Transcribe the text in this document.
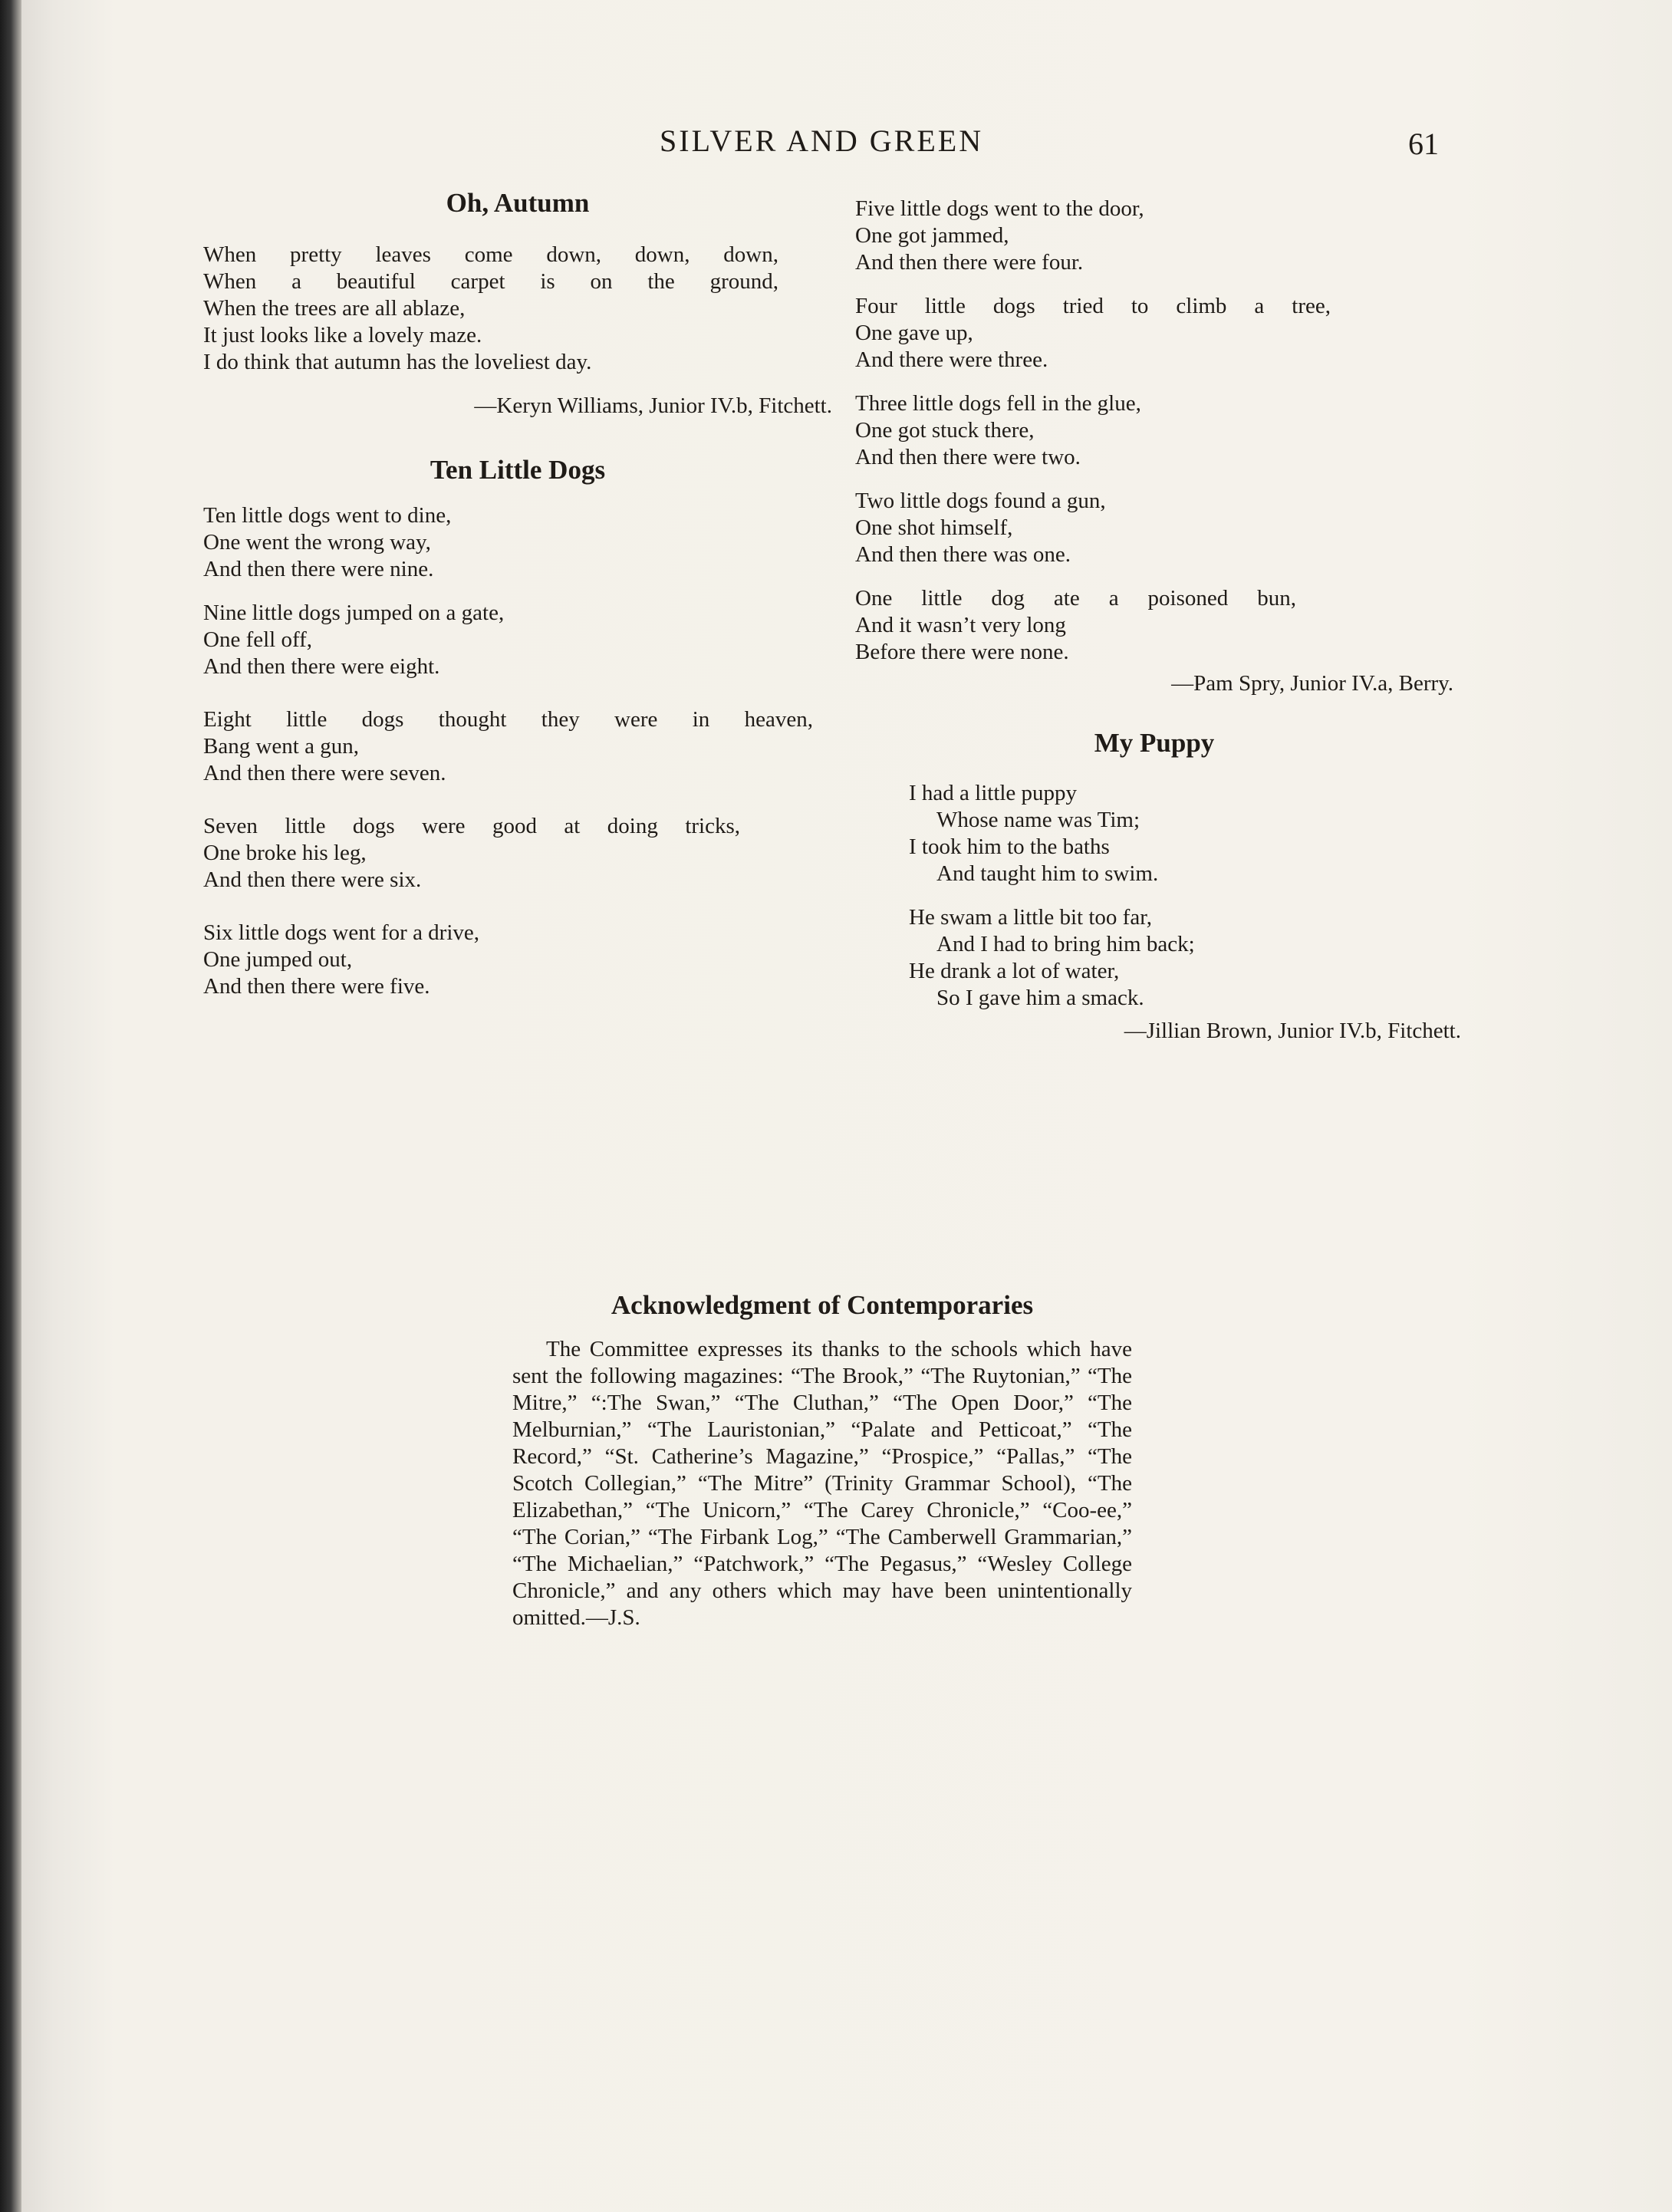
SILVER AND GREEN	61
Oh, Autumn
When pretty leaves come down, down, down,
When a beautiful carpet is on the ground,
When the trees are all ablaze,
It just looks like a lovely maze.
I do think that autumn has the loveliest day.
—Keryn Williams, Junior IV.b, Fitchett.
Ten Little Dogs
Ten little dogs went to dine,
One went the wrong way,
And then there were nine.
Nine little dogs jumped on a gate,
One fell off,
And then there were eight.
Eight little dogs thought they were in heaven,
Bang went a gun,
And then there were seven.
Seven little dogs were good at doing tricks,
One broke his leg,
And then there were six.
Six little dogs went for a drive,
One jumped out,
And then there were five.
Five little dogs went to the door,
One got jammed,
And then there were four.
Four little dogs tried to climb a tree,
One gave up,
And there were three.
Three little dogs fell in the glue,
One got stuck there,
And then there were two.
Two little dogs found a gun,
One shot himself,
And then there was one.
One little dog ate a poisoned bun,
And it wasn’t very long
Before there were none.
—Pam Spry, Junior IV.a, Berry.
My Puppy
I had a little puppy
Whose name was Tim;
I took him to the baths
And taught him to swim.
He swam a little bit too far,
And I had to bring him back;
He drank a lot of water,
So I gave him a smack.
—Jillian Brown, Junior IV.b, Fitchett.
Acknowledgment of Contemporaries

The Committee expresses its thanks to the schools which have sent the following magazines: “The Brook,” “The Ruytonian,” “The Mitre,” “:The Swan,” “The Cluthan,” “The Open Door,” “The Melburnian,” “The Lauristonian,” “Palate and Petticoat,” “The Record,” “St. Catherine’s Magazine,” “Prospice,” “Pallas,” “The Scotch Collegian,” “The Mitre” (Trinity Grammar School), “The Elizabethan,” “The Unicorn,” “The Carey Chronicle,” “Coo-ee,” “The Corian,” “The Firbank Log,” “The Camberwell Grammarian,” “The Michaelian,” “Patchwork,” “The Pegasus,” “Wesley College Chronicle,” and any others which may have been unintentionally omitted.—J.S.
